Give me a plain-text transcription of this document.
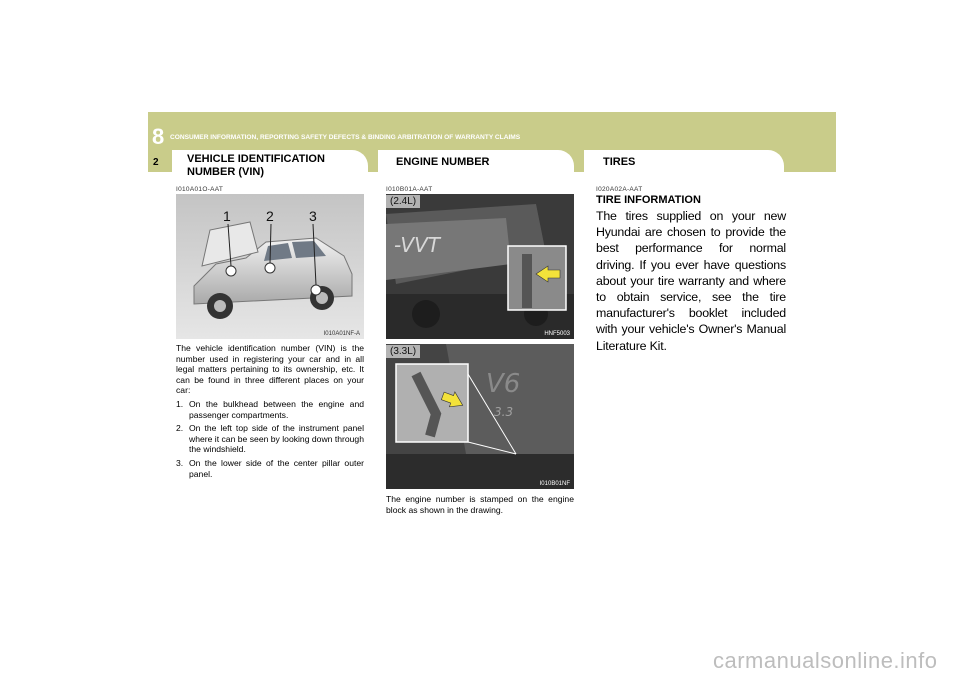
8 CONSUMER INFORMATION, REPORTING SAFETY DEFECTS & BINDING ARBITRATION OF WARRANTY CLAIMS
2	VEHICLE IDENTIFICATION
NUMBER (VIN)
ENGINE NUMBER	TIRES
I010A01O-AAT
1	2	3
I010A01NF-A
The vehicle identification number (VIN) is the number used in registering your car and in all legal matters pertaining to its ownership, etc. It can be found in three different places on your car:
1. On the bulkhead between the engine and passenger compartments.
2. On the left top side of the instrument panel where it can be seen by looking down through the windshield.
3. On the lower side of the center pillar outer panel.
I010B01A-AAT
-VVT
(2.4L)
HNF5003
V6
3.3
(3.3L)
I010B01NF
The engine number is stamped on the engine block as shown in the drawing.
I020A02A-AAT
TIRE INFORMATION
The tires supplied on your new Hyundai are chosen to provide the best performance for normal driving. If you ever have questions about your tire warranty and where to obtain service, see the tire manufacturer's booklet included with your vehicle's Owner's Manual Literature Kit.
carmanualsonline.info
